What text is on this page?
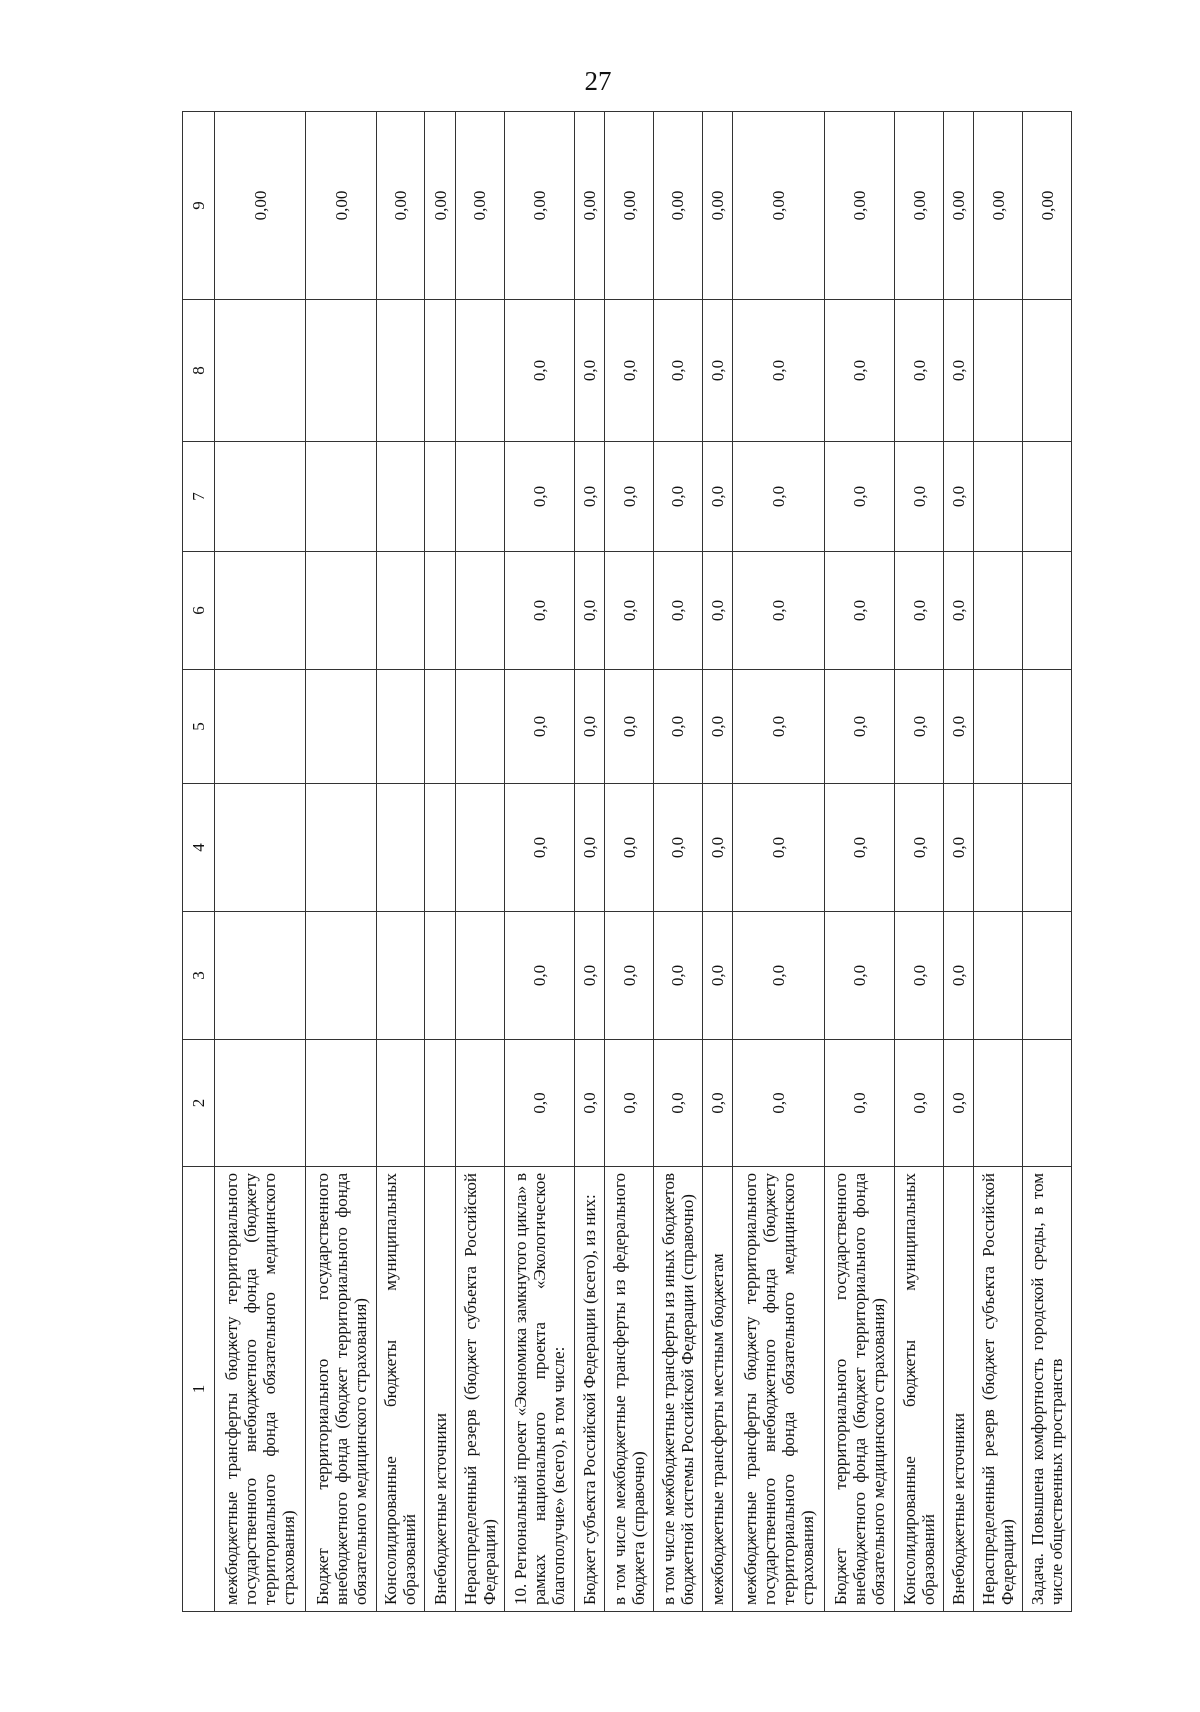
27
1	2	3	4	5	6	7	8	9
межбюджетные трансферты бюджету территориального государственного внебюджетного фонда (бюджету территориального фонда обязательного медицинского страхования)								0,00
Бюджет территориального государственного внебюджетного фонда (бюджет территориального фонда обязательного медицинского страхования)								0,00
Консолидированные бюджеты муниципальных образований								0,00
Внебюджетные источники								0,00
Нераспределенный резерв (бюджет субъекта Российской Федерации)								0,00
10. Региональный проект «Экономика замкнутого цикла» в рамках национального проекта «Экологическое благополучие» (всего), в том числе:	0,0	0,0	0,0	0,0	0,0	0,0	0,0	0,00
Бюджет субъекта Российской Федерации (всего), из них:	0,0	0,0	0,0	0,0	0,0	0,0	0,0	0,00
в том числе межбюджетные трансферты из федерального бюджета (справочно)	0,0	0,0	0,0	0,0	0,0	0,0	0,0	0,00
в том числе межбюджетные трансферты из иных бюджетов бюджетной системы Российской Федерации (справочно)	0,0	0,0	0,0	0,0	0,0	0,0	0,0	0,00
межбюджетные трансферты местным бюджетам	0,0	0,0	0,0	0,0	0,0	0,0	0,0	0,00
межбюджетные трансферты бюджету территориального государственного внебюджетного фонда (бюджету территориального фонда обязательного медицинского страхования)	0,0	0,0	0,0	0,0	0,0	0,0	0,0	0,00
Бюджет территориального государственного внебюджетного фонда (бюджет территориального фонда обязательного медицинского страхования)	0,0	0,0	0,0	0,0	0,0	0,0	0,0	0,00
Консолидированные бюджеты муниципальных образований	0,0	0,0	0,0	0,0	0,0	0,0	0,0	0,00
Внебюджетные источники	0,0	0,0	0,0	0,0	0,0	0,0	0,0	0,00
Нераспределенный резерв (бюджет субъекта Российской Федерации)								0,00
Задача. Повышена комфортность городской среды, в том числе общественных пространств								0,00
